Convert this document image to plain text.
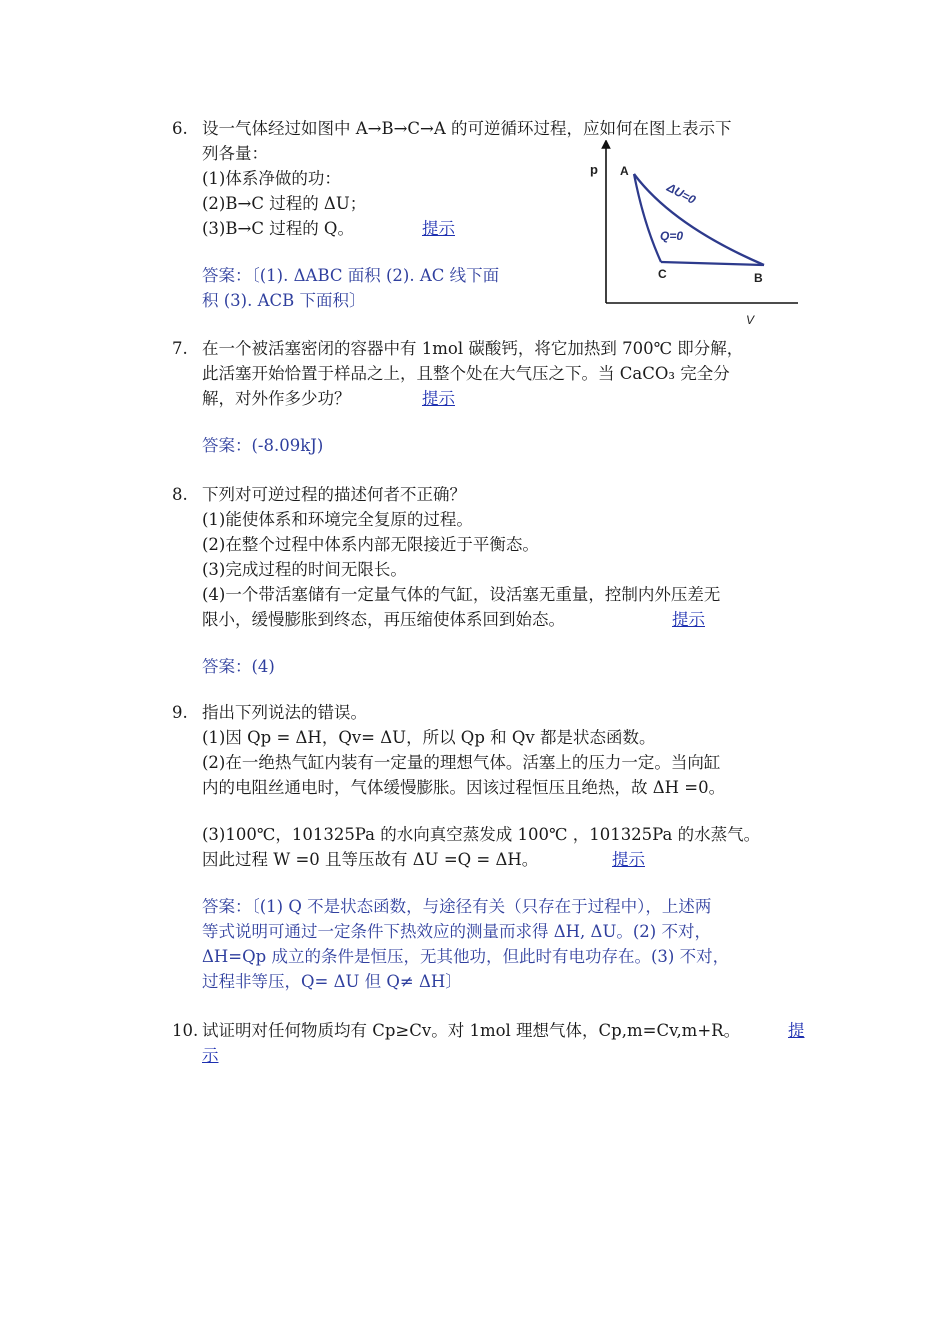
6. 设一气体经过如图中 A→B→C→A 的可逆循环过程，应如何在图上表示下
列各量：
(1)体系净做的功：
(2)B→C 过程的 ΔU；
(3)B→C 过程的 Q。	提示
答案：〔(1). ΔABC 面积 (2). AC 线下面
积 (3). ACB 下面积〕
p
V
A
B
C
ΔU=0
Q=0
7. 在一个被活塞密闭的容器中有 1mol 碳酸钙，将它加热到 700℃ 即分解，
此活塞开始恰置于样品之上，且整个处在大气压之下。当 CaCO₃ 完全分
解，对外作多少功？	提示
答案：(-8.09kJ)
8. 下列对可逆过程的描述何者不正确？
(1)能使体系和环境完全复原的过程。
(2)在整个过程中体系内部无限接近于平衡态。
(3)完成过程的时间无限长。
(4)一个带活塞储有一定量气体的气缸，设活塞无重量，控制内外压差无
限小，缓慢膨胀到终态，再压缩使体系回到始态。	提示
答案：(4)
9. 指出下列说法的错误。
(1)因 Qp = ΔH，Qv= ΔU，所以 Qp 和 Qv 都是状态函数。
(2)在一绝热气缸内装有一定量的理想气体。活塞上的压力一定。当向缸
内的电阻丝通电时，气体缓慢膨胀。因该过程恒压且绝热，故 ΔH =0。
(3)100℃，101325Pa 的水向真空蒸发成 100℃ ，101325Pa 的水蒸气。
因此过程 W =0 且等压故有 ΔU =Q = ΔH。	提示
答案：〔(1) Q 不是状态函数，与途径有关（只存在于过程中），上述两
等式说明可通过一定条件下热效应的测量而求得 ΔH, ΔU。(2) 不对，
ΔH=Qp 成立的条件是恒压，无其他功，但此时有电功存在。(3) 不对，
过程非等压，Q= ΔU 但 Q≠ ΔH〕
10. 试证明对任何物质均有 Cp≥Cv。对 1mol 理想气体，Cp,m=Cv,m+R。	提
示
